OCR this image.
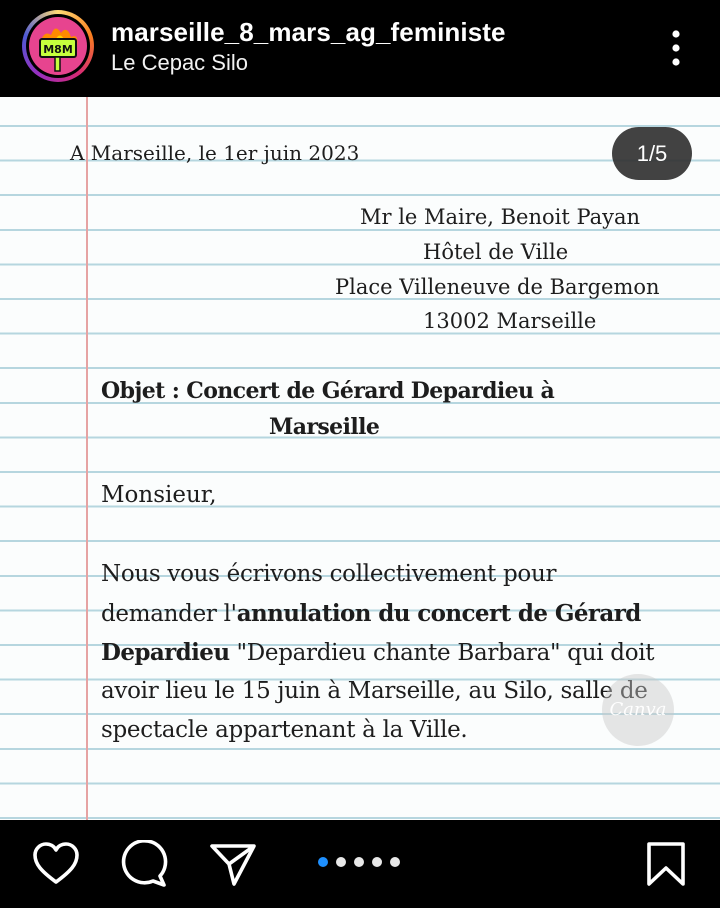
M8M
marseille_8_mars_ag_feministe
Le Cepac Silo
A Marseille, le 1er juin 2023	1/5
Mr le Maire, Benoit Payan
Hôtel de Ville
Place Villeneuve de Bargemon
13002 Marseille
Objet : Concert de Gérard Depardieu à
Marseille
Monsieur,
Nous vous écrivons collectivement pour
demander l'annulation du concert de Gérard
Depardieu "Depardieu chante Barbara" qui doit
avoir lieu le 15 juin à Marseille, au Silo, salle de
spectacle appartenant à la Ville.
Canva
